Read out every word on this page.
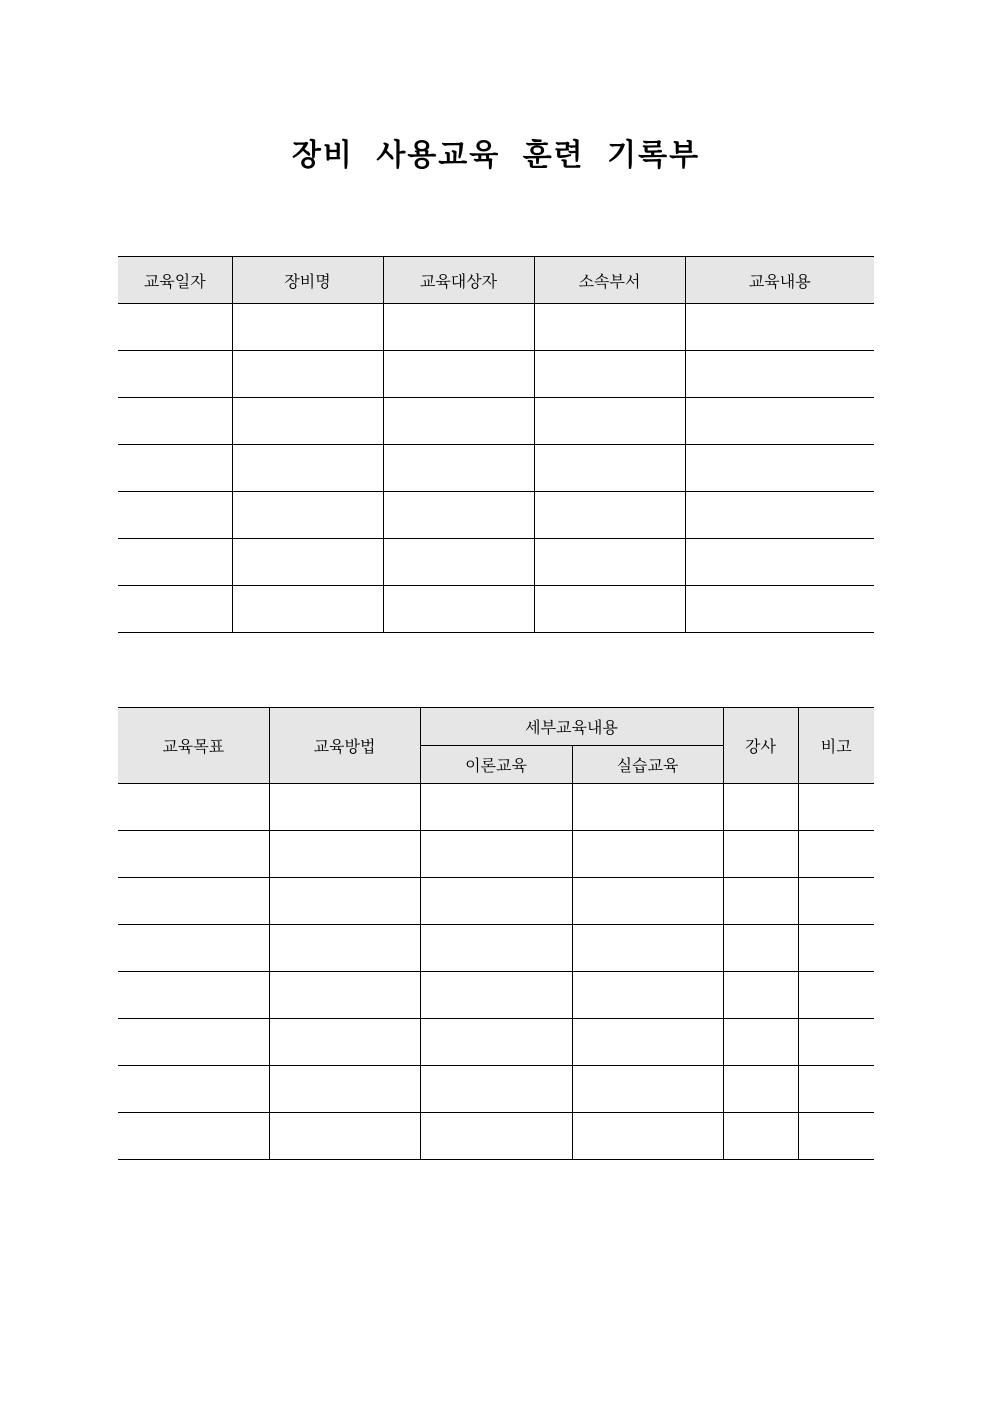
장비 사용교육 훈련 기록부
교육일자	장비명	교육대상자	소속부서	교육내용

교육목표	교육방법	세부교육내용		강사	비고
		이론교육	실습교육		
